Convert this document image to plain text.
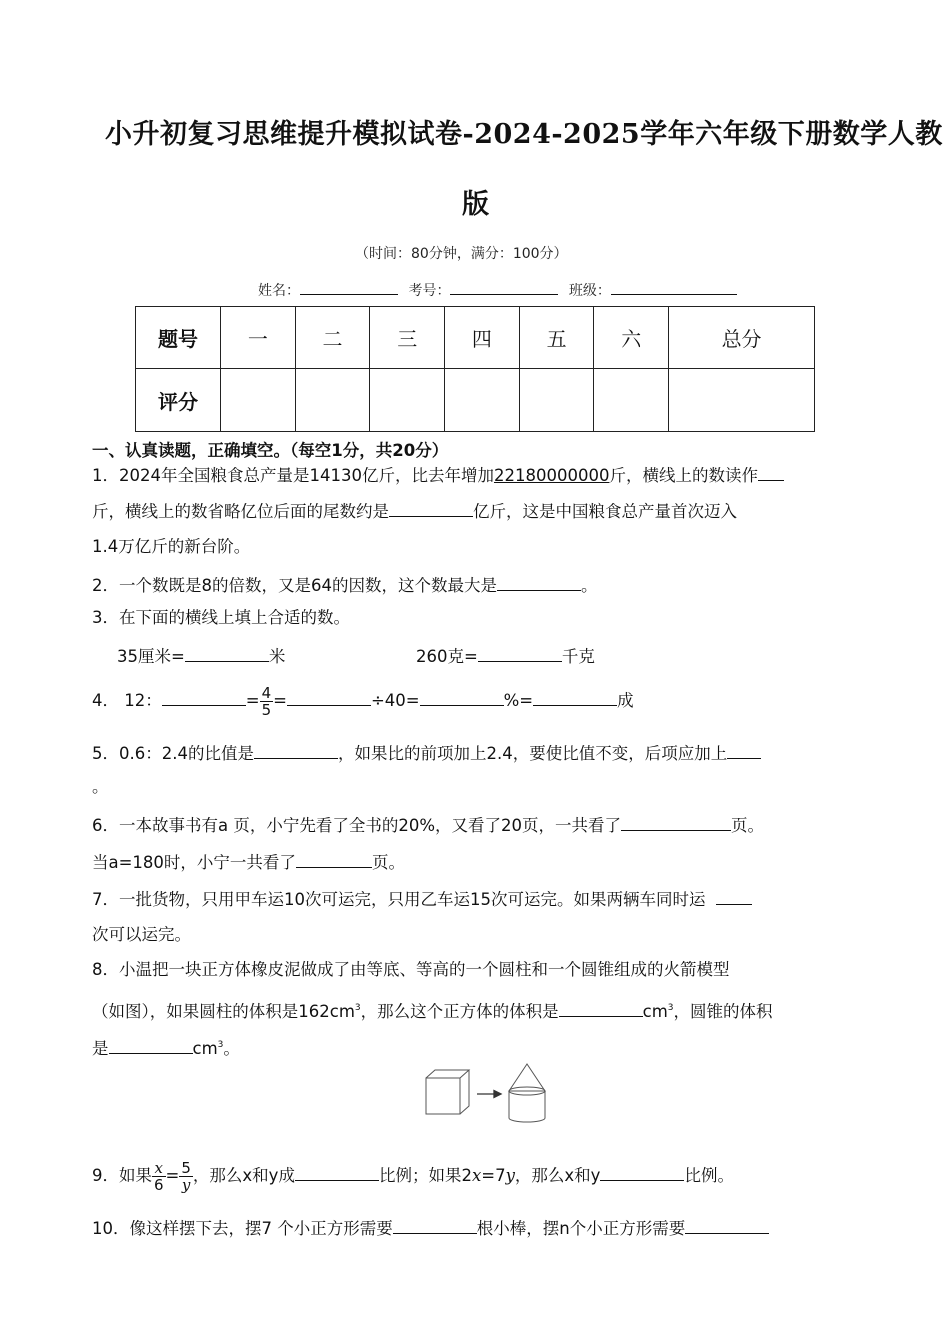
小升初复习思维提升模拟试卷-2024-2025学年六年级下册数学人教
版
（时间：80分钟，满分：100分）
姓名：	考号：	班级：
题号	一	二	三	四	五	六	总分
评分							
一、认真读题，正确填空。（每空1分，共20分）
1．2024年全国粮食总产量是14130亿斤，比去年增加22180000000斤，横线上的数读作
斤，横线上的数省略亿位后面的尾数约是	亿斤，这是中国粮食总产量首次迈入
1.4万亿斤的新台阶。
2．一个数既是8的倍数，又是64的因数，这个数最大是	。
3．在下面的横线上填上合适的数。
35厘米=	米	260克=	千克
4． 12：	= $\frac{4}{5}$ =	÷40=	%=	成
5．0.6：2.4的比值是	，如果比的前项加上2.4，要使比值不变，后项应加上
。
6．一本故事书有a 页，小宁先看了全书的20%，又看了20页，一共看了	页。
当a=180时，小宁一共看了	页。
7．一批货物，只用甲车运10次可运完，只用乙车运15次可运完。如果两辆车同时运
次可以运完。
8．小温把一块正方体橡皮泥做成了由等底、等高的一个圆柱和一个圆锥组成的火箭模型
（如图），如果圆柱的体积是$162cm^3$，那么这个正方体的体积是	$cm^3$，圆锥的体积
是	$cm^3$。
9．如果 $\frac{x}{6} = \frac{5}{y}$ ，那么x和y成	比例；如果2x=7y，那么x和y	比例。
10．像这样摆下去，摆7 个小正方形需要	根小棒，摆n个小正方形需要
